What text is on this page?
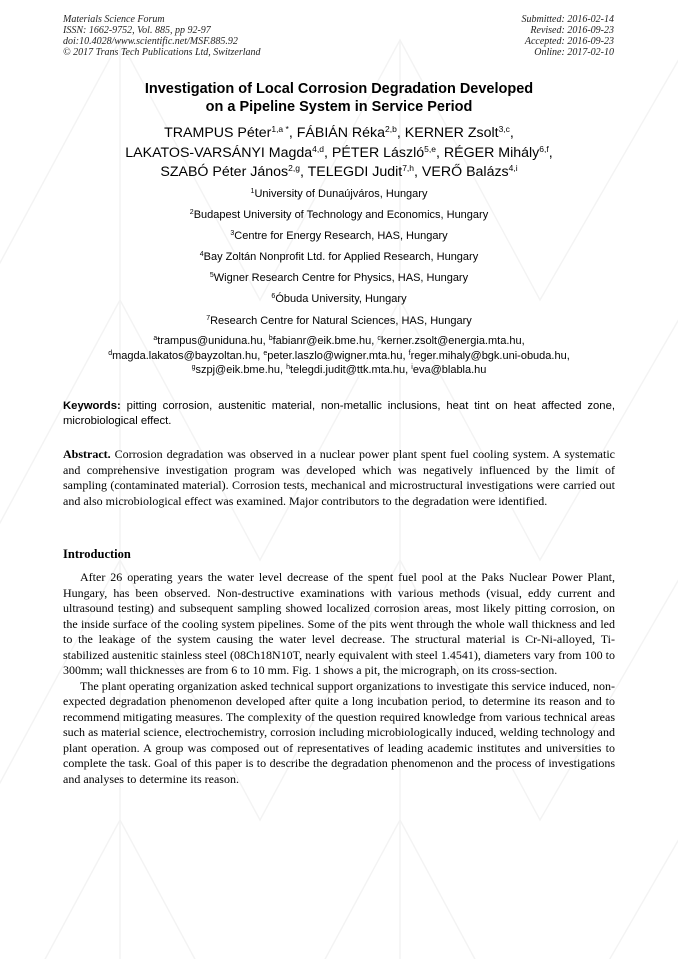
Materials Science Forum
ISSN: 1662-9752, Vol. 885, pp 92-97
doi:10.4028/www.scientific.net/MSF.885.92
© 2017 Trans Tech Publications Ltd, Switzerland
Submitted: 2016-02-14
Revised: 2016-09-23
Accepted: 2016-09-23
Online: 2017-02-10
Investigation of Local Corrosion Degradation Developed
on a Pipeline System in Service Period
TRAMPUS Péter$^{1,a *}$, FÁBIÁN Réka$^{2,b}$, KERNER Zsolt$^{3,c}$,
LAKATOS-VARSÁNYI Magda$^{4,d}$, PÉTER László$^{5,e}$, RÉGER Mihály$^{6,f}$,
SZABÓ Péter János$^{2,g}$, TELEGDI Judit$^{7,h}$, VERŐ Balázs$^{4,i}$
$^1$University of Dunaújváros, Hungary
$^2$Budapest University of Technology and Economics, Hungary
$^3$Centre for Energy Research, HAS, Hungary
$^4$Bay Zoltán Nonprofit Ltd. for Applied Research, Hungary
$^5$Wigner Research Centre for Physics, HAS, Hungary
$^6$Óbuda University, Hungary
$^7$Research Centre for Natural Sciences, HAS, Hungary
$^a$trampus@uniduna.hu, $^b$fabianr@eik.bme.hu, $^c$kerner.zsolt@energia.mta.hu,
$^d$magda.lakatos@bayzoltan.hu, $^e$peter.laszlo@wigner.mta.hu, $^f$reger.mihaly@bgk.uni-obuda.hu,
$^g$szpj@eik.bme.hu, $^h$telegdi.judit@ttk.mta.hu, $^i$eva@blabla.hu
Keywords: pitting corrosion, austenitic material, non-metallic inclusions, heat tint on heat affected zone, microbiological effect.
Abstract. Corrosion degradation was observed in a nuclear power plant spent fuel cooling system. A systematic and comprehensive investigation program was developed which was negatively influenced by the limit of sampling (contaminated material). Corrosion tests, mechanical and microstructural investigations were carried out and also microbiological effect was examined. Major contributors to the degradation were identified.
Introduction

After 26 operating years the water level decrease of the spent fuel pool at the Paks Nuclear Power Plant, Hungary, has been observed. Non-destructive examinations with various methods (visual, eddy current and ultrasound testing) and subsequent sampling showed localized corrosion areas, most likely pitting corrosion, on the inside surface of the cooling system pipelines. Some of the pits went through the whole wall thickness and led to the leakage of the system causing the water level decrease. The structural material is Cr-Ni-alloyed, Ti-stabilized austenitic stainless steel (08Ch18N10T, nearly equivalent with steel 1.4541), diameters vary from 100 to 300mm; wall thicknesses are from 6 to 10 mm. Fig. 1 shows a pit, the micrograph, on its cross-section.

The plant operating organization asked technical support organizations to investigate this service induced, non-expected degradation phenomenon developed after quite a long incubation period, to determine its reason and to recommend mitigating measures. The complexity of the question required knowledge from various technical areas such as material science, electrochemistry, corrosion including microbiologically induced, welding technology and plant operation. A group was composed out of representatives of leading academic institutes and universities to complete the task. Goal of this paper is to describe the degradation phenomenon and the process of investigations and analyses to determine its reason.
